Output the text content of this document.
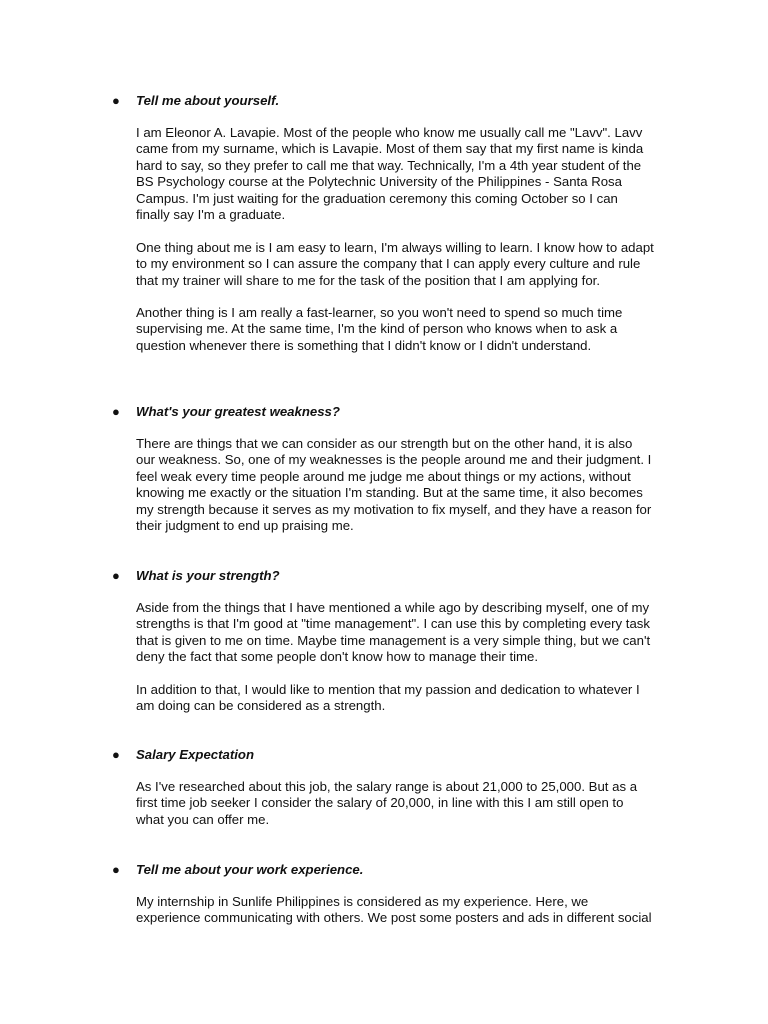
● Tell me about yourself.
I am Eleonor A. Lavapie. Most of the people who know me usually call me "Lavv". Lavv
came from my surname, which is Lavapie. Most of them say that my first name is kinda
hard to say, so they prefer to call me that way. Technically, I'm a 4th year student of the
BS Psychology course at the Polytechnic University of the Philippines - Santa Rosa
Campus. I'm just waiting for the graduation ceremony this coming October so I can
finally say I'm a graduate.
One thing about me is I am easy to learn, I'm always willing to learn. I know how to adapt
to my environment so I can assure the company that I can apply every culture and rule
that my trainer will share to me for the task of the position that I am applying for.
Another thing is I am really a fast-learner, so you won't need to spend so much time
supervising me. At the same time, I'm the kind of person who knows when to ask a
question whenever there is something that I didn't know or I didn't understand.
● What's your greatest weakness?
There are things that we can consider as our strength but on the other hand, it is also
our weakness. So, one of my weaknesses is the people around me and their judgment. I
feel weak every time people around me judge me about things or my actions, without
knowing me exactly or the situation I'm standing. But at the same time, it also becomes
my strength because it serves as my motivation to fix myself, and they have a reason for
their judgment to end up praising me.
● What is your strength?
Aside from the things that I have mentioned a while ago by describing myself, one of my
strengths is that I'm good at "time management". I can use this by completing every task
that is given to me on time. Maybe time management is a very simple thing, but we can't
deny the fact that some people don't know how to manage their time.
In addition to that, I would like to mention that my passion and dedication to whatever I
am doing can be considered as a strength.
● Salary Expectation
As I've researched about this job, the salary range is about 21,000 to 25,000. But as a
first time job seeker I consider the salary of 20,000, in line with this I am still open to
what you can offer me.
● Tell me about your work experience.
My internship in Sunlife Philippines is considered as my experience. Here, we
experience communicating with others. We post some posters and ads in different social
